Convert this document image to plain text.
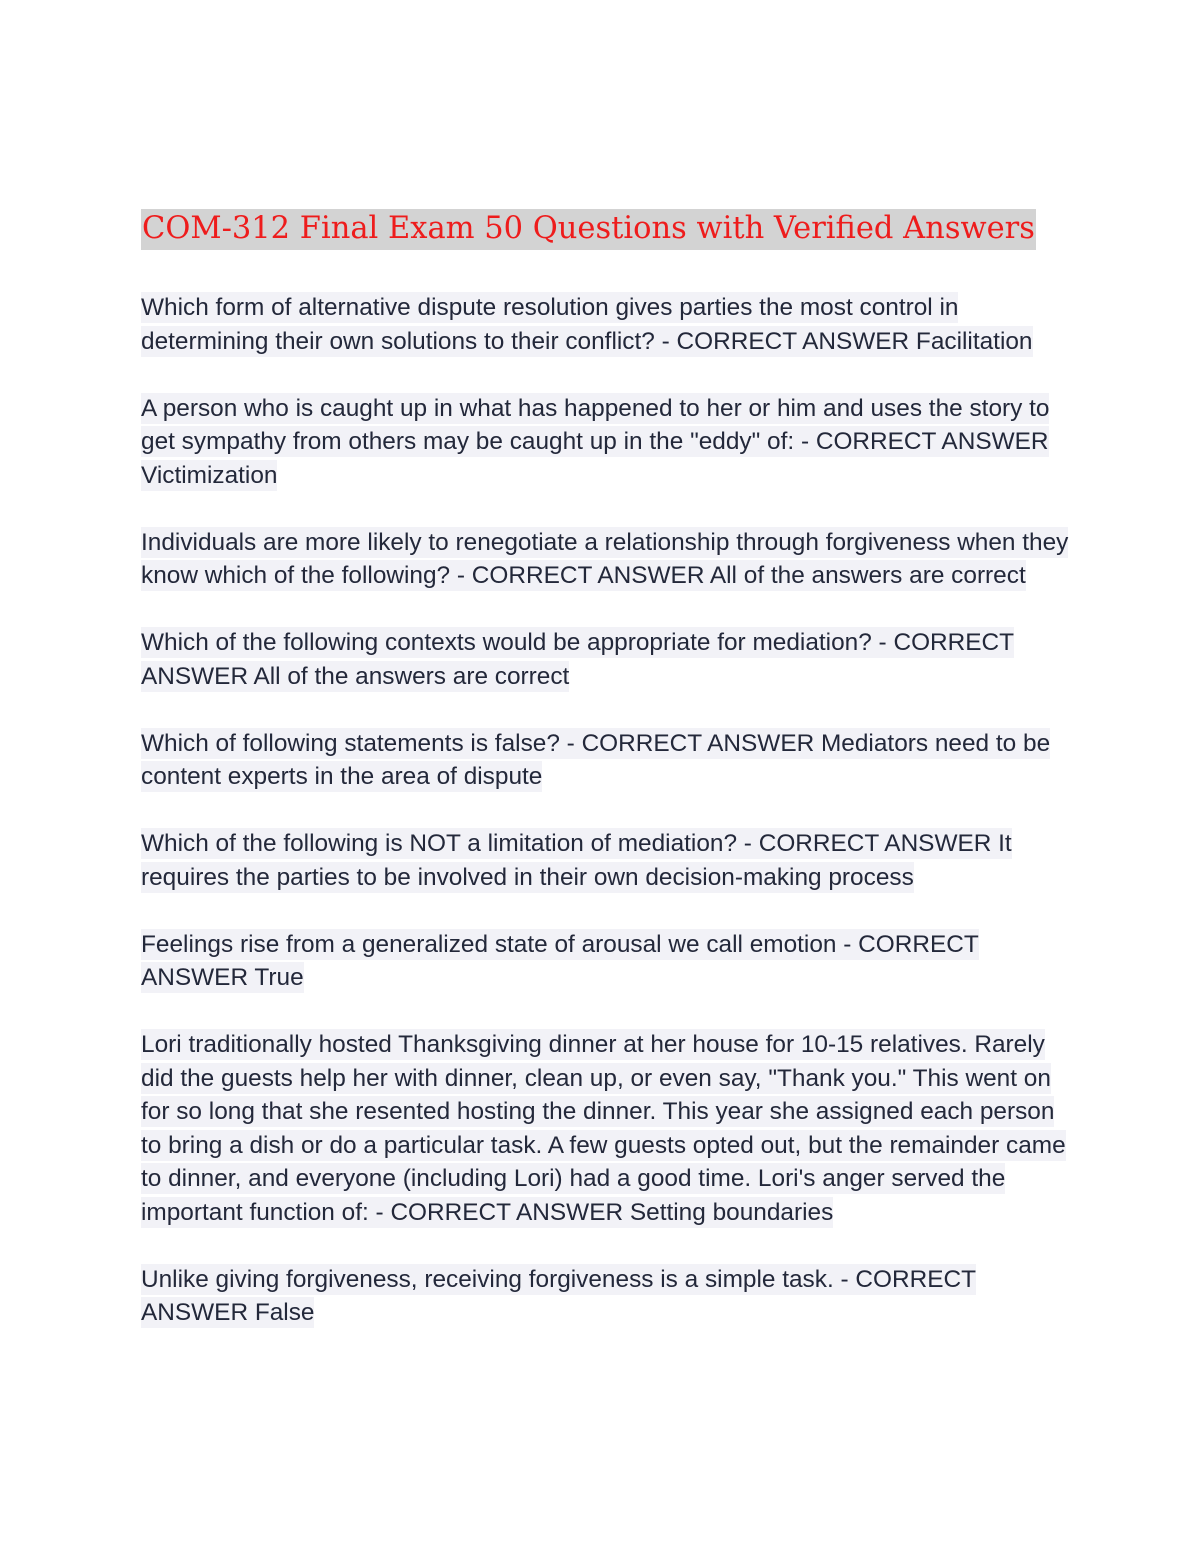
COM-312 Final Exam 50 Questions with Verified Answers

Which form of alternative dispute resolution gives parties the most control in determining their own solutions to their conflict? - CORRECT ANSWER Facilitation

A person who is caught up in what has happened to her or him and uses the story to get sympathy from others may be caught up in the "eddy" of: - CORRECT ANSWER Victimization

Individuals are more likely to renegotiate a relationship through forgiveness when they know which of the following? - CORRECT ANSWER All of the answers are correct

Which of the following contexts would be appropriate for mediation? - CORRECT ANSWER All of the answers are correct

Which of following statements is false? - CORRECT ANSWER Mediators need to be content experts in the area of dispute

Which of the following is NOT a limitation of mediation? - CORRECT ANSWER It requires the parties to be involved in their own decision-making process

Feelings rise from a generalized state of arousal we call emotion - CORRECT ANSWER True

Lori traditionally hosted Thanksgiving dinner at her house for 10-15 relatives. Rarely did the guests help her with dinner, clean up, or even say, "Thank you." This went on for so long that she resented hosting the dinner. This year she assigned each person to bring a dish or do a particular task. A few guests opted out, but the remainder came to dinner, and everyone (including Lori) had a good time. Lori's anger served the important function of: - CORRECT ANSWER Setting boundaries

Unlike giving forgiveness, receiving forgiveness is a simple task. - CORRECT ANSWER False
